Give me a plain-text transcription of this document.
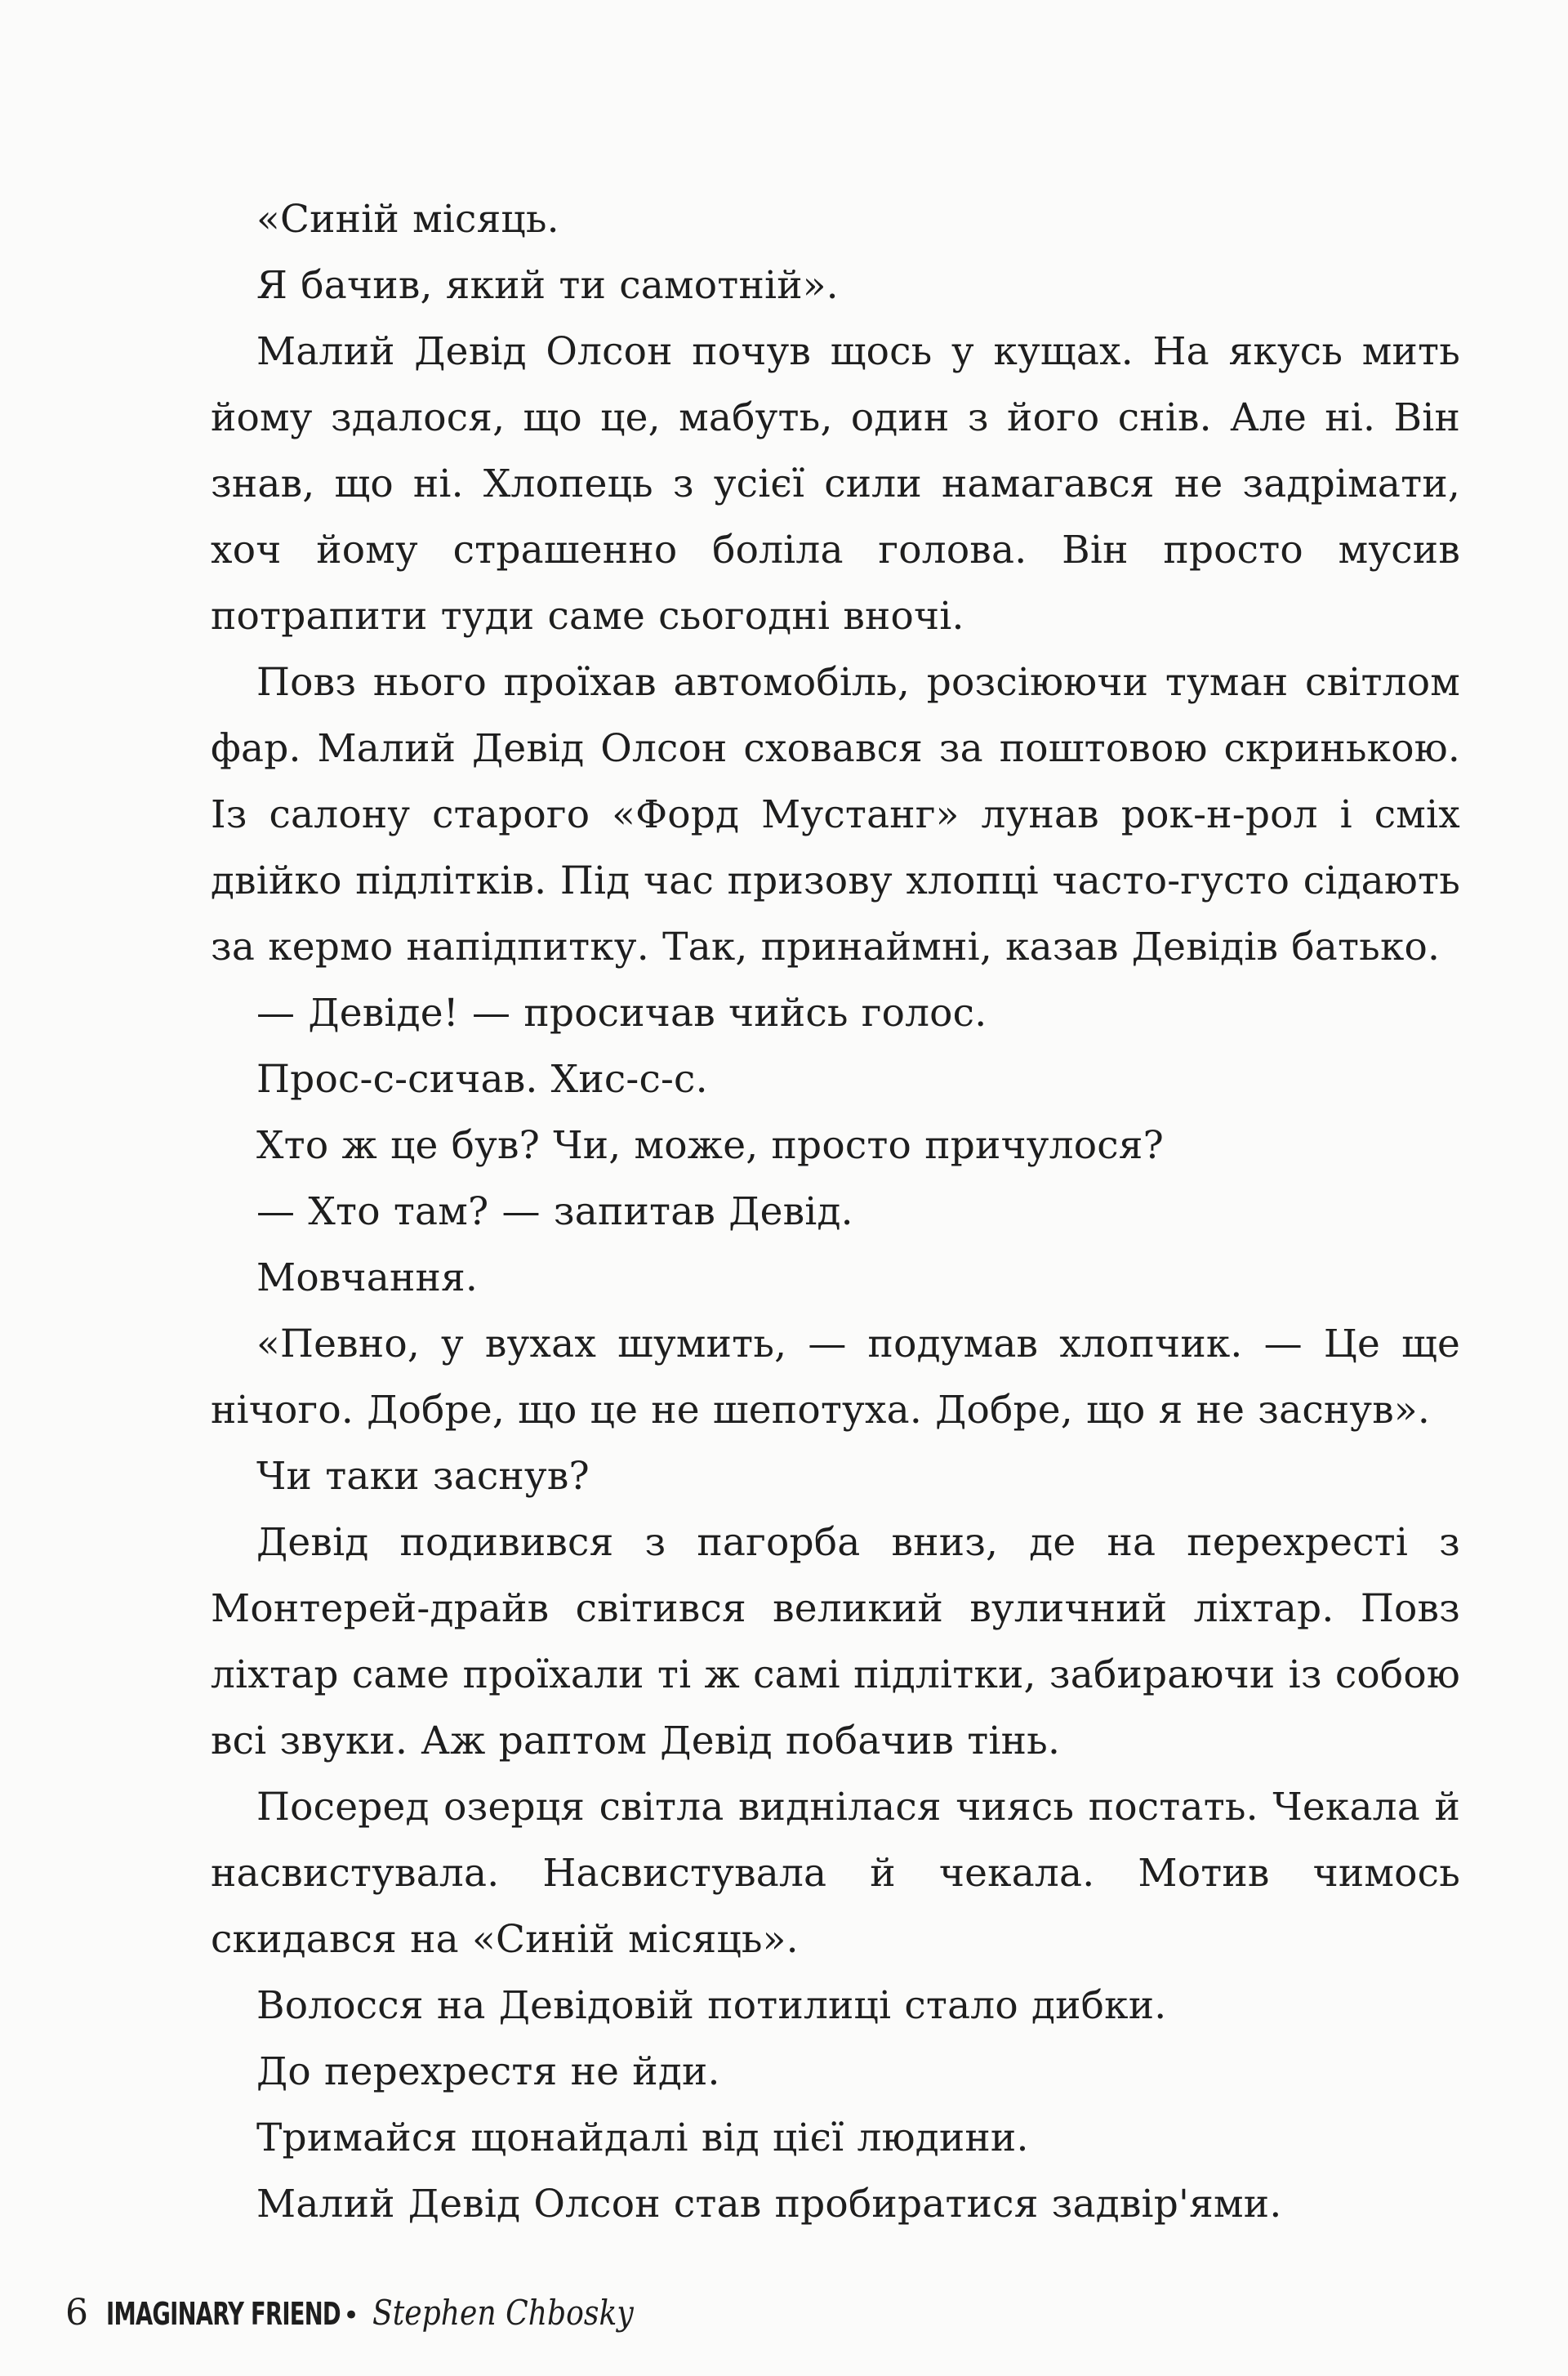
«Синій місяць.

Я бачив, який ти самотній».

Малий Девід Олсон почув щось у кущах. На якусь мить йому здалося, що це, мабуть, один з його снів. Але ні. Він знав, що ні. Хлопець з усієї сили намагався не задрімати, хоч йому страшенно боліла голова. Він просто мусив потрапити туди саме сьогодні вночі.

Повз нього проїхав автомобіль, розсіюючи туман світлом фар. Малий Девід Олсон сховався за поштовою скринькою. Із салону старого «Форд Мустанг» лунав рок-н-рол і сміх двійко підлітків. Під час призову хлопці часто-густо сідають за кермо напідпитку. Так, принаймні, казав Девідів батько.

— Девіде! — просичав чийсь голос.

Прос-с-сичав. Хис-с-с.

Хто ж це був? Чи, може, просто причулося?

— Хто там? — запитав Девід.

Мовчання.

«Певно, у вухах шумить, — подумав хлопчик. — Це ще нічого. Добре, що це не шепотуха. Добре, що я не заснув».

Чи таки заснув?

Девід подивився з пагорба вниз, де на перехресті з Монтерей-драйв світився великий вуличний ліхтар. Повз ліхтар саме проїхали ті ж самі підлітки, забираючи із собою всі звуки. Аж раптом Девід побачив тінь.

Посеред озерця світла виднілася чиясь постать. Чекала й насвистувала. Насвистувала й чекала. Мотив чимось скидався на «Синій місяць».

Волосся на Девідовій потилиці стало дибки.

До перехрестя не йди.

Тримайся щонайдалі від цієї людини.

Малий Девід Олсон став пробиратися задвір'ями.

6 IMAGINARY FRIEND • Stephen Chbosky
